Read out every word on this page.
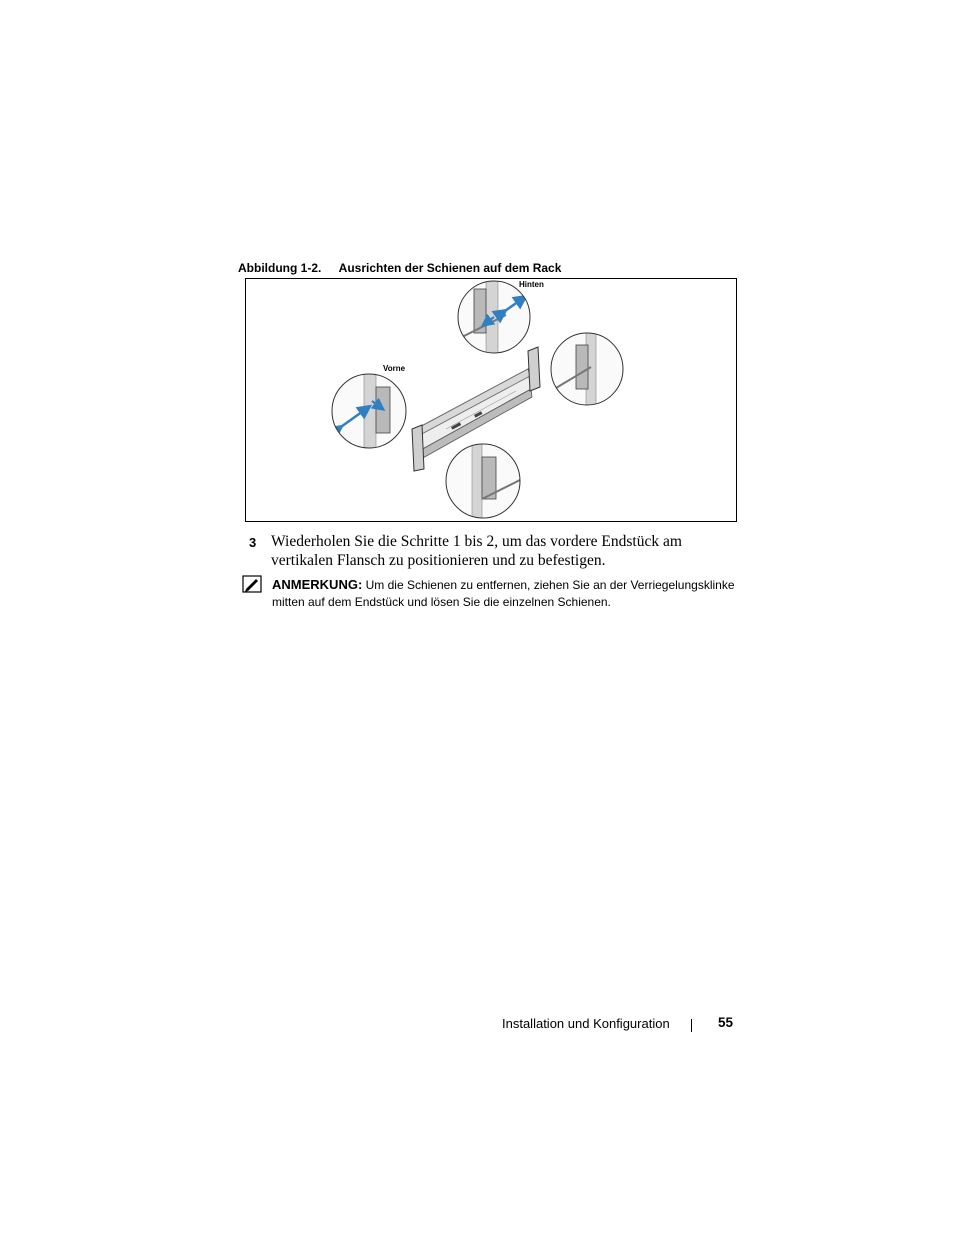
Abbildung 1-2. Ausrichten der Schienen auf dem Rack
Hinten
Vorne
3 Wiederholen Sie die Schritte 1 bis 2, um das vordere Endstück am vertikalen Flansch zu positionieren und zu befestigen.
ANMERKUNG: Um die Schienen zu entfernen, ziehen Sie an der Verriegelungsklinke mitten auf dem Endstück und lösen Sie die einzelnen Schienen.
Installation und Konfiguration	55
